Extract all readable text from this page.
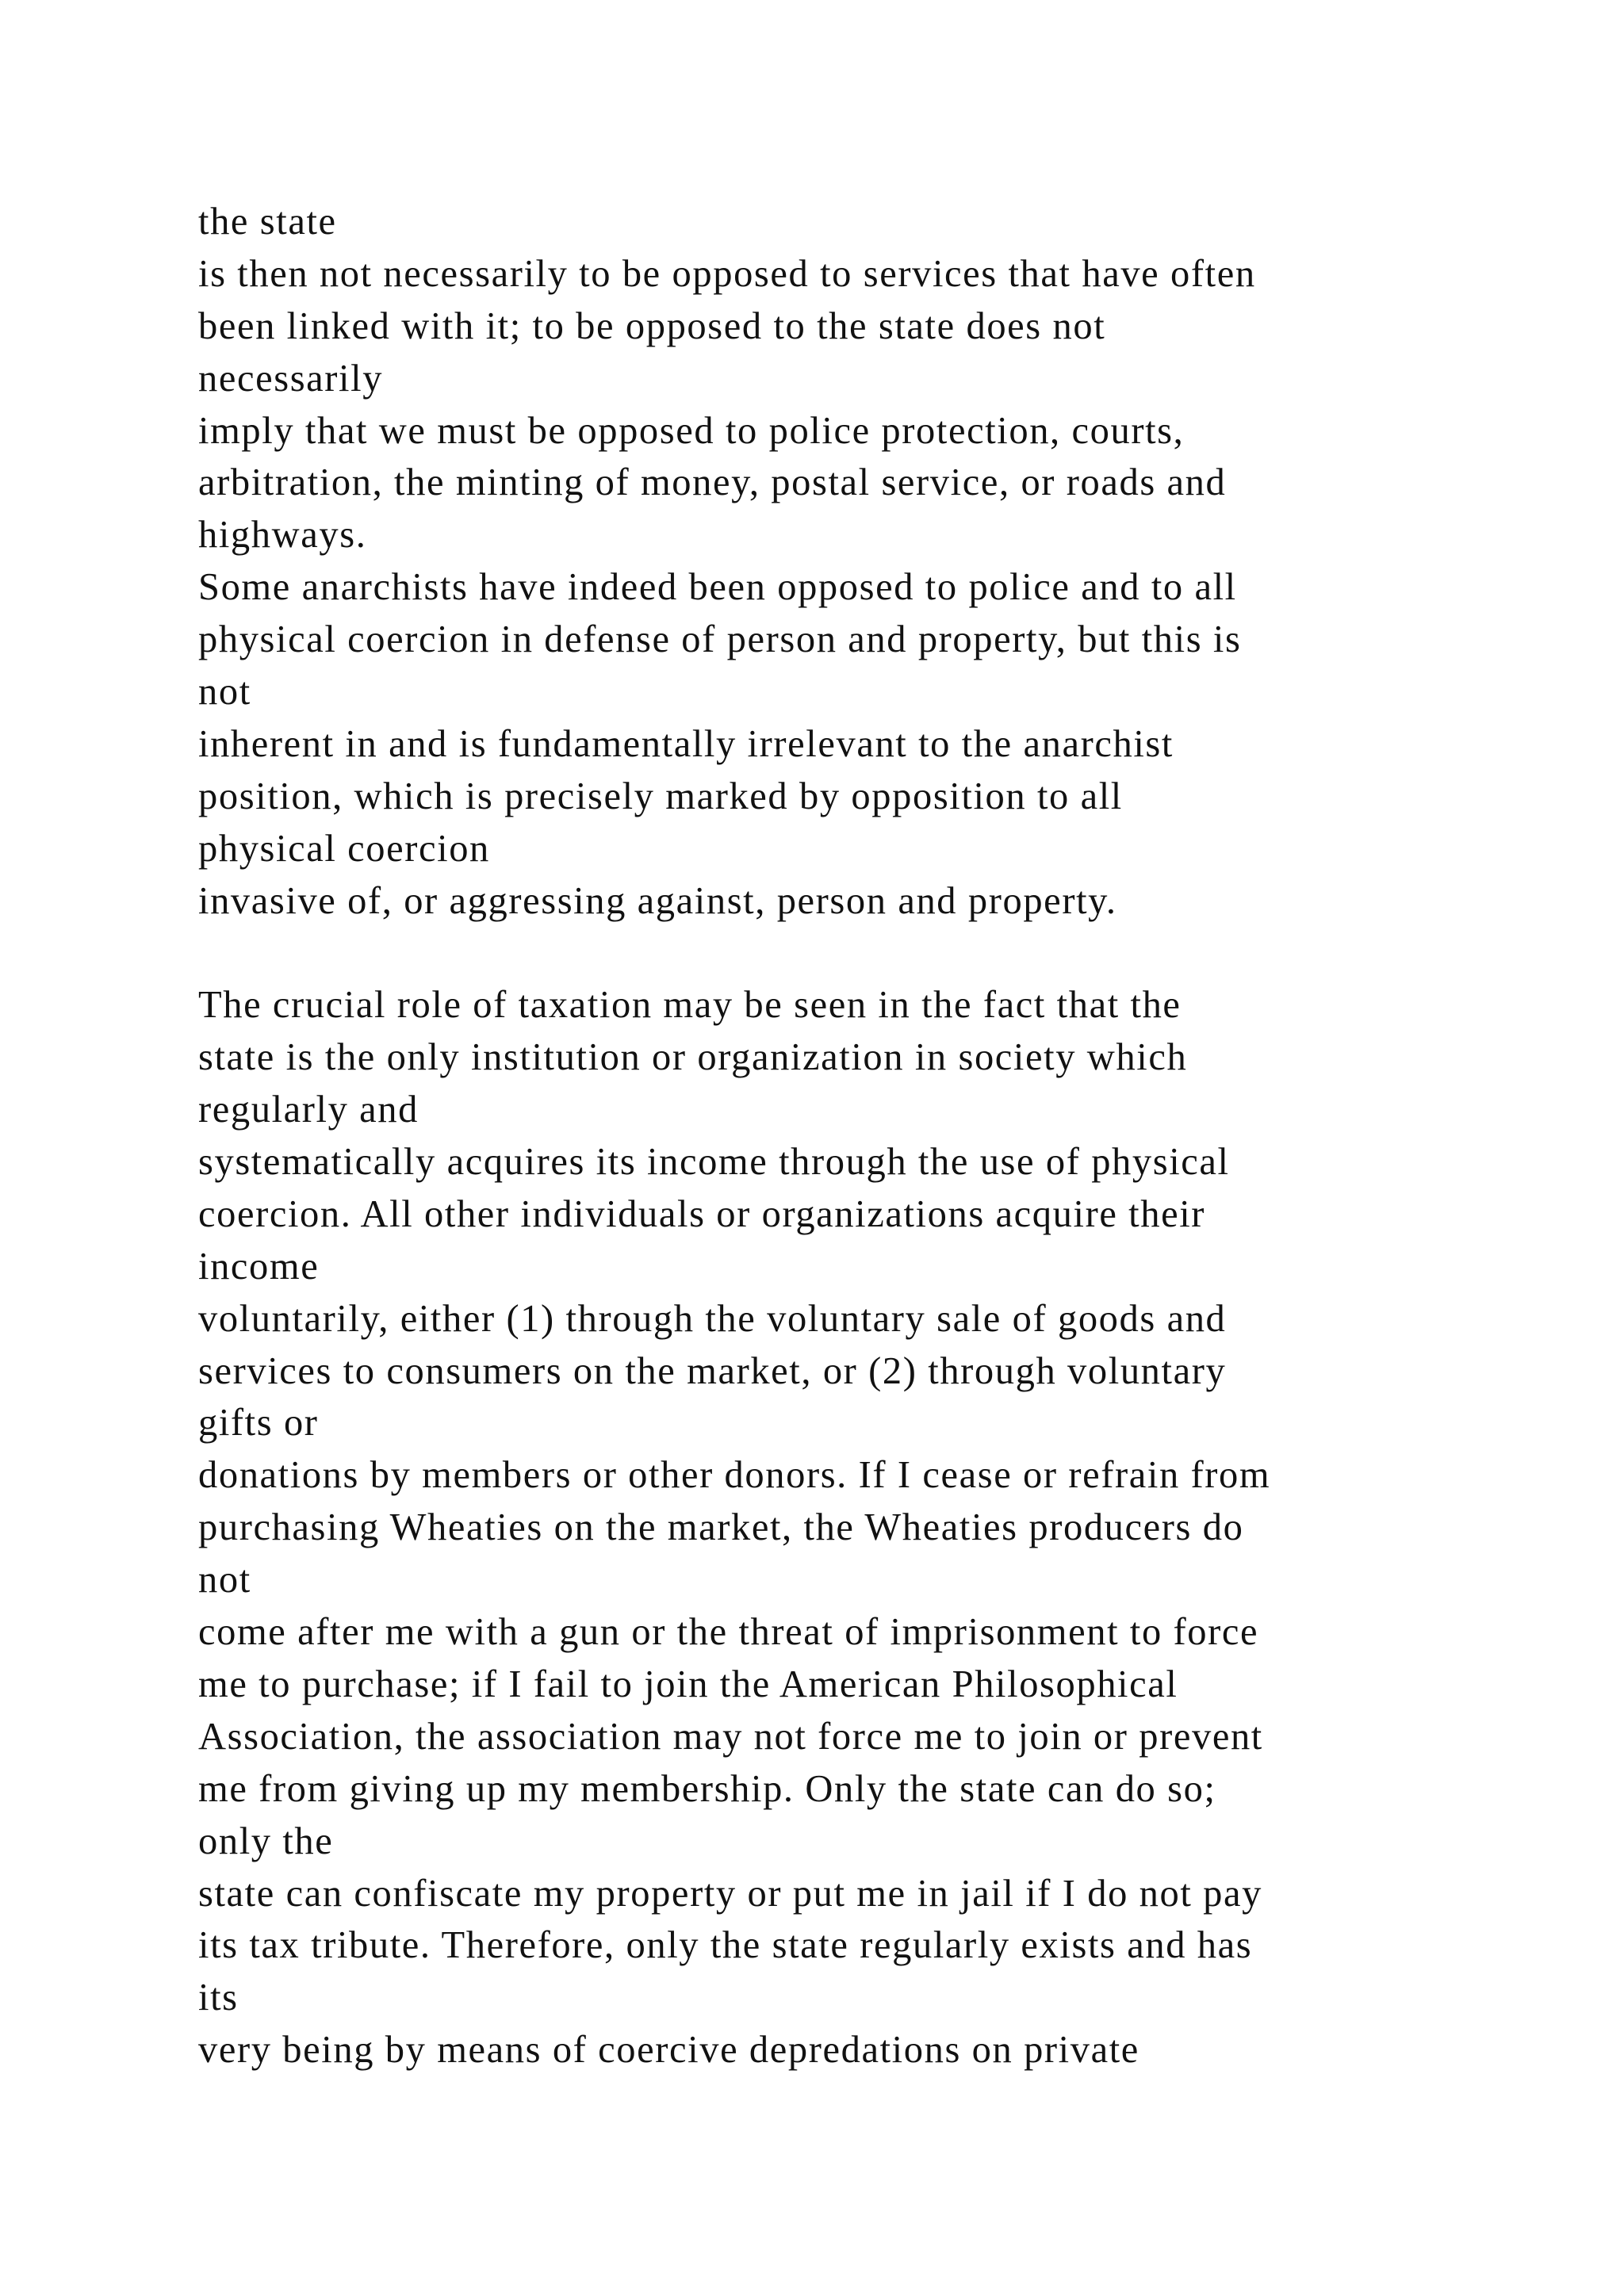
the state
is then not necessarily to be opposed to services that have often
been linked with it; to be opposed to the state does not
necessarily
imply that we must be opposed to police protection, courts,
arbitration, the minting of money, postal service, or roads and
highways.
Some anarchists have indeed been opposed to police and to all
physical coercion in defense of person and property, but this is
not
inherent in and is fundamentally irrelevant to the anarchist
position, which is precisely marked by opposition to all
physical coercion
invasive of, or aggressing against, person and property.
The crucial role of taxation may be seen in the fact that the
state is the only institution or organization in society which
regularly and
systematically acquires its income through the use of physical
coercion. All other individuals or organizations acquire their
income
voluntarily, either (1) through the voluntary sale of goods and
services to consumers on the market, or (2) through voluntary
gifts or
donations by members or other donors. If I cease or refrain from
purchasing Wheaties on the market, the Wheaties producers do
not
come after me with a gun or the threat of imprisonment to force
me to purchase; if I fail to join the American Philosophical
Association, the association may not force me to join or prevent
me from giving up my membership. Only the state can do so;
only the
state can confiscate my property or put me in jail if I do not pay
its tax tribute. Therefore, only the state regularly exists and has
its
very being by means of coercive depredations on private
